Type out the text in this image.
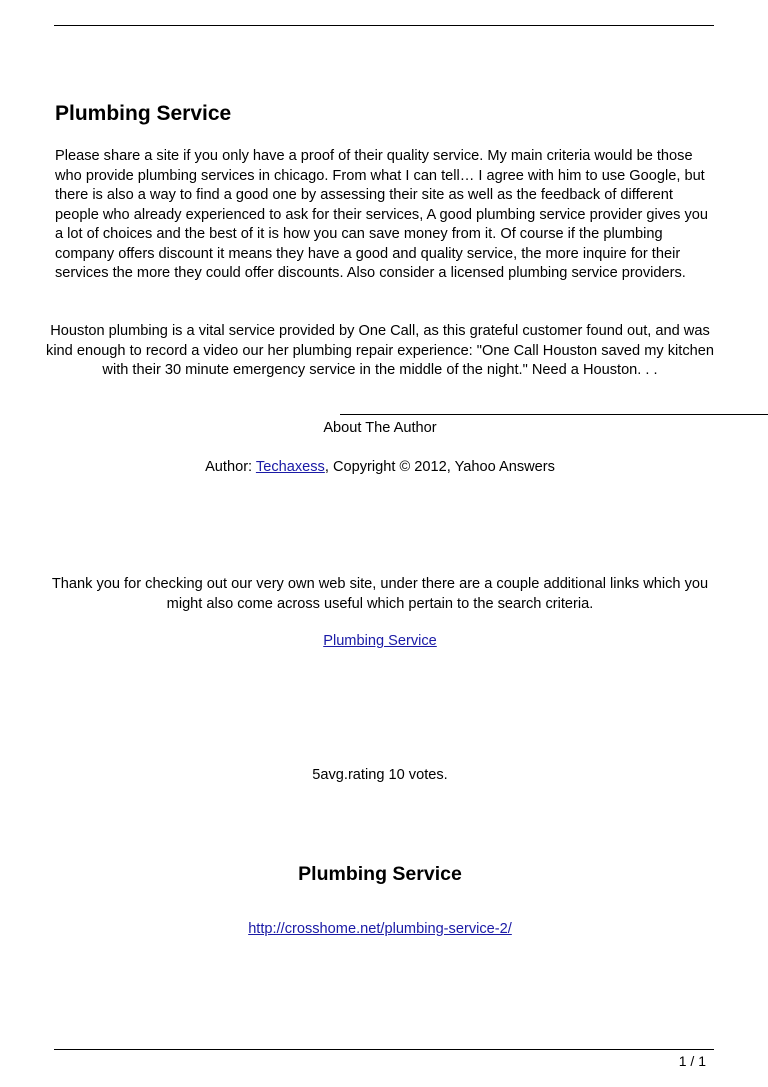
Plumbing Service

Please share a site if you only have a proof of their quality service. My main criteria would be those who provide plumbing services in chicago. From what I can tell… I agree with him to use Google, but there is also a way to find a good one by assessing their site as well as the feedback of different people who already experienced to ask for their services, A good plumbing service provider gives you a lot of choices and the best of it is how you can save money from it. Of course if the plumbing company offers discount it means they have a good and quality service, the more inquire for their services the more they could offer discounts. Also consider a licensed plumbing service providers.

Houston plumbing is a vital service provided by One Call, as this grateful customer found out, and was kind enough to record a video our her plumbing repair experience: "One Call Houston saved my kitchen with their 30 minute emergency service in the middle of the night." Need a Houston. . .

About The Author

Author: Techaxess, Copyright © 2012, Yahoo Answers

Thank you for checking out our very own web site, under there are a couple additional links which you might also come across useful which pertain to the search criteria.

Plumbing Service

5avg.rating 10 votes.

Plumbing Service

http://crosshome.net/plumbing-service-2/

1 / 1
